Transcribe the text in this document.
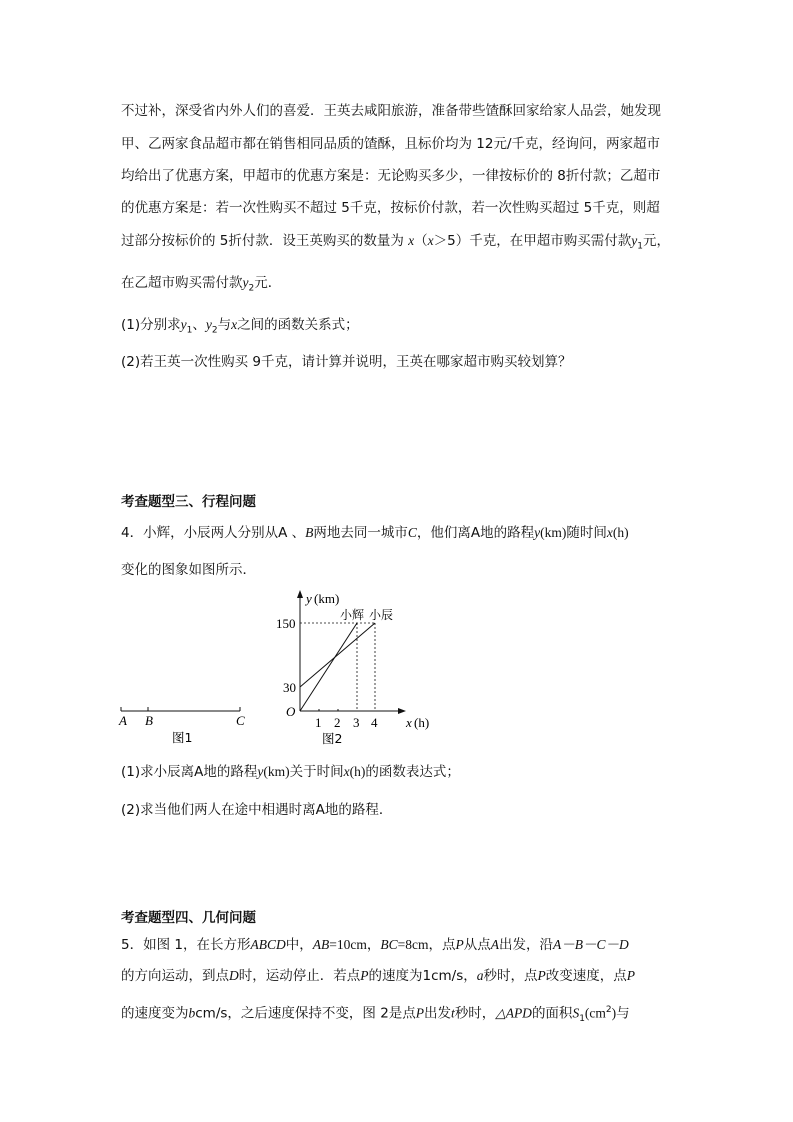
不过补，深受省内外人们的喜爱．王英去咸阳旅游，准备带些馇酥回家给家人品尝，她发现
甲、乙两家食品超市都在销售相同品质的馇酥，且标价均为 12元/千克，经询问，两家超市
均给出了优惠方案，甲超市的优惠方案是：无论购买多少，一律按标价的 8折付款；乙超市
的优惠方案是：若一次性购买不超过 5千克，按标价付款，若一次性购买超过 5千克，则超
过部分按标价的 5折付款．设王英购买的数量为 x（x＞5）千克，在甲超市购买需付款$y_1$元，
在乙超市购买需付款$y_2$元．
(1)分别求$y_1$、$y_2$与x之间的函数关系式；
(2)若王英一次性购买 9千克，请计算并说明，王英在哪家超市购买较划算？
考查题型三、行程问题
4．小辉，小辰两人分别从A 、B两地去同一城市C，他们离A地的路程y(km)随时间x(h)
变化的图象如图所示．
A B	C
图1
y (km)
150
30
O
1 2 3 4 x (h)
小辉 小辰
图2
(1)求小辰离A地的路程y(km)关于时间x(h)的函数表达式；
(2)求当他们两人在途中相遇时离A地的路程．
考查题型四、几何问题
5．如图 1，在长方形ABCD中，AB=10cm，BC=8cm，点P从点A出发，沿A－B－C－D
的方向运动，到点D时，运动停止．若点P的速度为1cm/s，a秒时，点P改变速度，点P
的速度变为bcm/s，之后速度保持不变，图 2是点P出发t秒时，△APD的面积$S_1(cm^2)$与
